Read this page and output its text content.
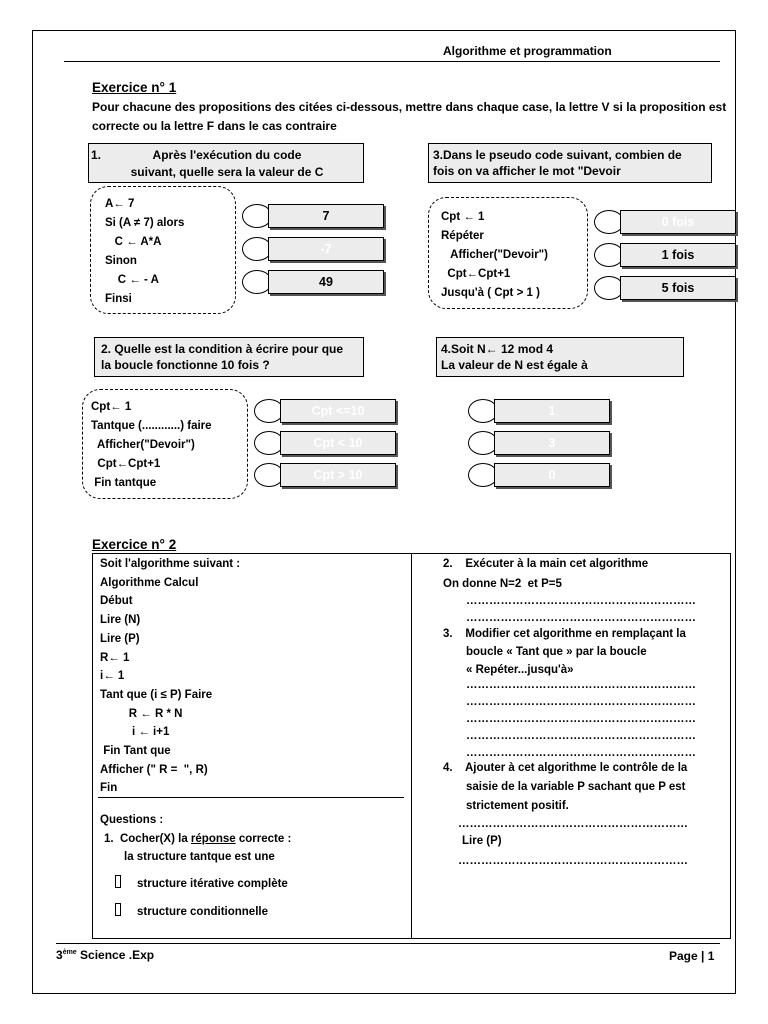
Algorithme et programmation
Exercice n° 1
Pour chacune des propositions des citées ci-dessous, mettre dans chaque case, la lettre V si la proposition est
correcte ou la lettre F dans le cas contraire
1.	Après l'exécution du code
suivant, quelle sera la valeur de C
A← 7
Si (A ≠ 7) alors
C ← A*A
Sinon
C ← - A
Finsi
7
-7
49
3.Dans le pseudo code suivant, combien de
fois on va afficher le mot "Devoir
Cpt ← 1
Répéter
Afficher("Devoir")
Cpt←Cpt+1
Jusqu'à ( Cpt > 1 )
0 fois
1 fois
5 fois
2. Quelle est la condition à écrire pour que
la boucle fonctionne 10 fois ?
Cpt← 1
Tantque (............) faire
Afficher("Devoir")
Cpt←Cpt+1
Fin tantque
Cpt <=10
Cpt < 10
Cpt > 10
4.Soit N← 12 mod 4
La valeur de N est égale à
1
3
0
Exercice n° 2
Soit l'algorithme suivant :
Algorithme Calcul
Début
Lire (N)
Lire (P)
R← 1
i← 1
Tant que (i ≤ P) Faire
R ← R * N
i ← i+1
Fin Tant que
Afficher (" R =  ", R)
Fin
Questions :
1.  Cocher(X) la réponse correcte :
la structure tantque est une
structure itérative complète
structure conditionnelle
2.    Exécuter à la main cet algorithme
On donne N=2  et P=5
……………………………………………………
……………………………………………………
3.    Modifier cet algorithme en remplaçant la
boucle « Tant que » par la boucle
« Repéter...jusqu'à»
……………………………………………………
……………………………………………………
……………………………………………………
……………………………………………………
……………………………………………………
4.    Ajouter à cet algorithme le contrôle de la
saisie de la variable P sachant que P est
strictement positif.
……………………………………………………
Lire (P)
……………………………………………………
3ème Science .Exp	Page | 1
